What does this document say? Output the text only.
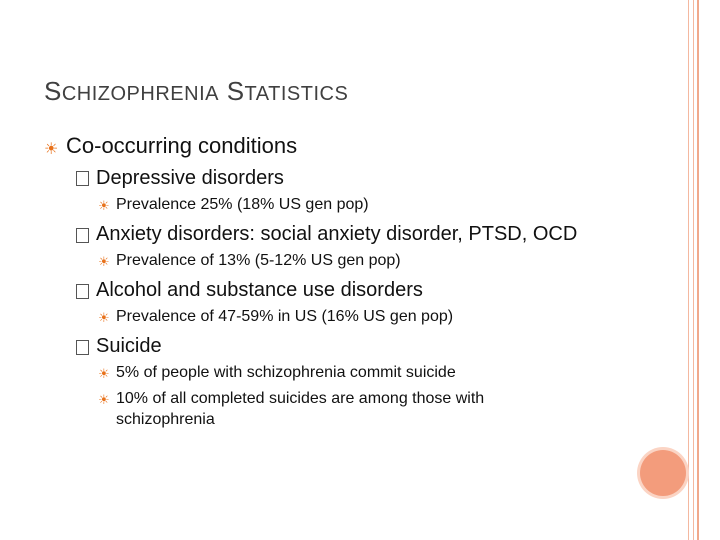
SCHIZOPHRENIA STATISTICS
☀ Co-occurring conditions
Depressive disorders
☀ Prevalence 25% (18% US gen pop)
Anxiety disorders: social anxiety disorder, PTSD, OCD
☀ Prevalence of 13% (5-12% US gen pop)
Alcohol and substance use disorders
☀ Prevalence of 47-59% in US (16% US gen pop)
Suicide
☀ 5% of people with schizophrenia commit suicide
☀ 10% of all completed suicides are among those with
schizophrenia
